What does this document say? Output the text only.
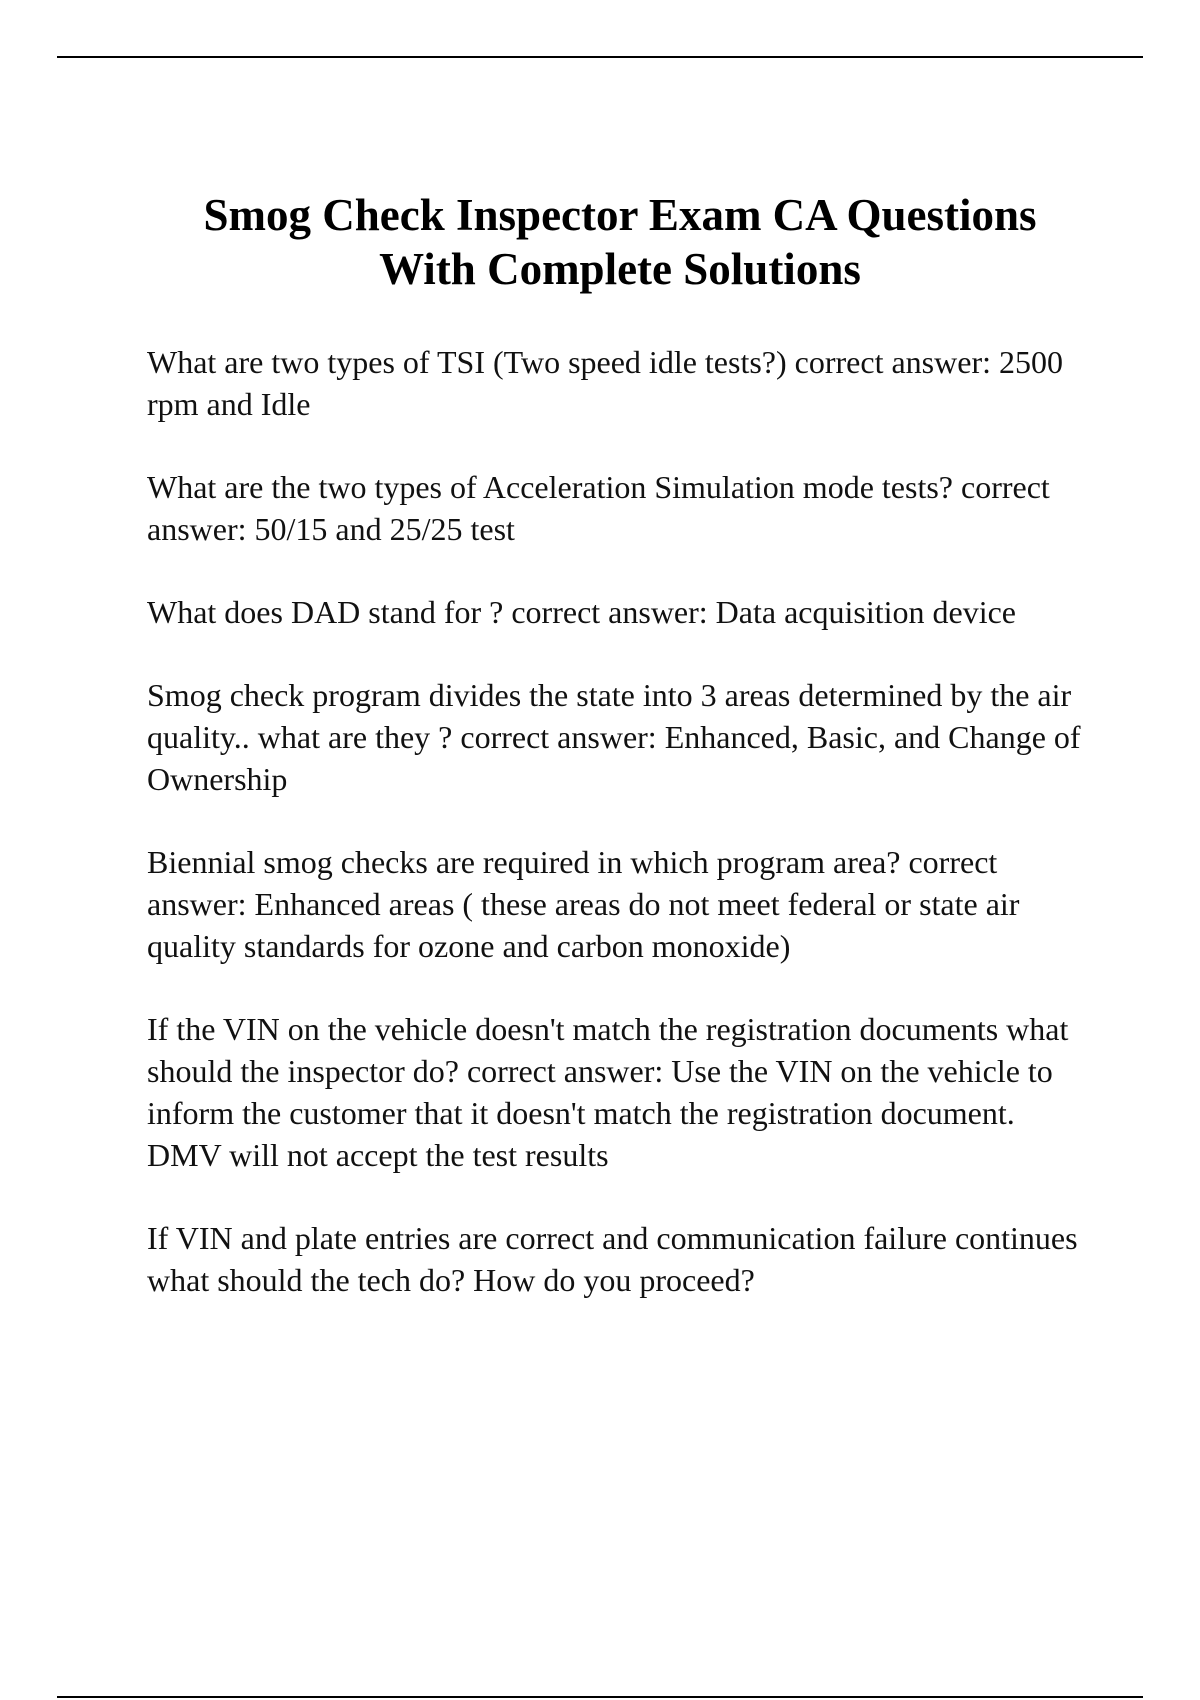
Smog Check Inspector Exam CA Questions
With Complete Solutions

What are two types of TSI (Two speed idle tests?) correct answer: 2500 rpm and Idle

What are the two types of Acceleration Simulation mode tests? correct answer: 50/15 and 25/25 test

What does DAD stand for ? correct answer: Data acquisition device

Smog check program divides the state into 3 areas determined by the air quality.. what are they ? correct answer: Enhanced, Basic, and Change of Ownership

Biennial smog checks are required in which program area? correct answer: Enhanced areas ( these areas do not meet federal or state air quality standards for ozone and carbon monoxide)

If the VIN on the vehicle doesn't match the registration documents what should the inspector do? correct answer: Use the VIN on the vehicle to inform the customer that it doesn't match the registration document. DMV will not accept the test results

If VIN and plate entries are correct and communication failure continues what should the tech do? How do you proceed?
